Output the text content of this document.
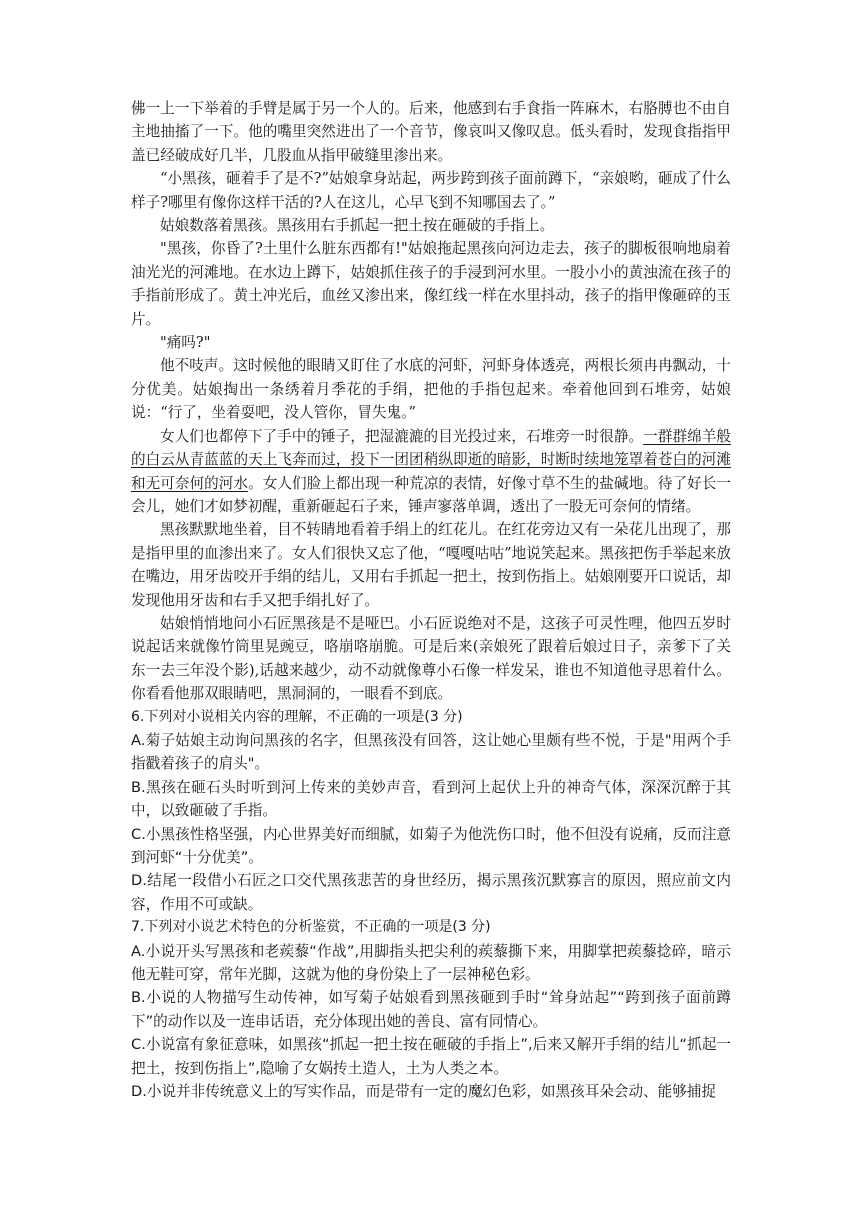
佛一上一下举着的手臂是属于另一个人的。后来，他感到右手食指一阵麻木，右胳膊也不由自主地抽搐了一下。他的嘴里突然进出了一个音节，像哀叫又像叹息。低头看时，发现食指指甲盖已经破成好几半，几股血从指甲破缝里渗出来。

“小黑孩，砸着手了是不?”姑娘拿身站起，两步跨到孩子面前蹲下，“亲娘哟，砸成了什么样子?哪里有像你这样干活的?人在这儿，心早飞到不知哪国去了。”

姑娘数落着黑孩。黑孩用右手抓起一把土按在砸破的手指上。

"黑孩，你昏了?土里什么脏东西都有!"姑娘拖起黑孩向河边走去，孩子的脚板很响地扇着油光光的河滩地。在水边上蹲下，姑娘抓住孩子的手浸到河水里。一股小小的黄浊流在孩子的手指前形成了。黄土冲光后，血丝又渗出来，像红线一样在水里抖动，孩子的指甲像砸碎的玉片。

"痛吗?"

他不吱声。这时候他的眼睛又盯住了水底的河虾，河虾身体透亮，两根长须冉冉飘动，十分优美。姑娘掏出一条绣着月季花的手绢，把他的手指包起来。牵着他回到石堆旁，姑娘说：“行了，坐着耍吧，没人管你，冒失鬼。”

女人们也都停下了手中的锤子，把湿漉漉的目光投过来，石堆旁一时很静。一群群绵羊般的白云从青蓝蓝的天上飞奔而过，投下一团团稍纵即逝的暗影，时断时续地笼罩着苍白的河滩和无可奈何的河水。女人们脸上都出现一种荒凉的表情，好像寸草不生的盐碱地。待了好长一会儿，她们才如梦初醒，重新砸起石子来，锤声寥落单调，透出了一股无可奈何的情绪。

黑孩默默地坐着，目不转睛地看着手绢上的红花儿。在红花旁边又有一朵花儿出现了，那是指甲里的血渗出来了。女人们很快又忘了他，“嘎嘎咕咕”地说笑起来。黑孩把伤手举起来放在嘴边，用牙齿咬开手绢的结儿，又用右手抓起一把土，按到伤指上。姑娘刚要开口说话，却发现他用牙齿和右手又把手绢扎好了。

姑娘悄悄地问小石匠黑孩是不是哑巴。小石匠说绝对不是，这孩子可灵性哩，他四五岁时说起话来就像竹筒里晃豌豆，咯崩咯崩脆。可是后来(亲娘死了跟着后娘过日子，亲爹下了关东一去三年没个影),话越来越少，动不动就像尊小石像一样发呆，谁也不知道他寻思着什么。你看看他那双眼睛吧，黑洞洞的，一眼看不到底。

6.下列对小说相关内容的理解，不正确的一项是(3 分)

A.菊子姑娘主动询问黑孩的名字，但黑孩没有回答，这让她心里颇有些不悦，于是"用两个手指戳着孩子的肩头"。

B.黑孩在砸石头时听到河上传来的美妙声音，看到河上起伏上升的神奇气体，深深沉醉于其中，以致砸破了手指。

C.小黑孩性格坚强，内心世界美好而细腻，如菊子为他洗伤口时，他不但没有说痛，反而注意到河虾“十分优美”。

D.结尾一段借小石匠之口交代黑孩悲苦的身世经历，揭示黑孩沉默寡言的原因，照应前文内容，作用不可或缺。

7.下列对小说艺术特色的分析鉴赏，不正确的一项是(3 分)

A.小说开头写黑孩和老蒺藜“作战”,用脚指头把尖利的蒺藜撕下来，用脚掌把蒺藜捻碎，暗示他无鞋可穿，常年光脚，这就为他的身份染上了一层神秘色彩。

B.小说的人物描写生动传神，如写菊子姑娘看到黑孩砸到手时“耸身站起”“跨到孩子面前蹲下”的动作以及一连串话语，充分体现出她的善良、富有同情心。

C.小说富有象征意味，如黑孩“抓起一把土按在砸破的手指上”,后来又解开手绢的结儿“抓起一把土，按到伤指上”,隐喻了女娲抟土造人，土为人类之本。

D.小说并非传统意义上的写实作品，而是带有一定的魔幻色彩，如黑孩耳朵会动、能够捕捉
